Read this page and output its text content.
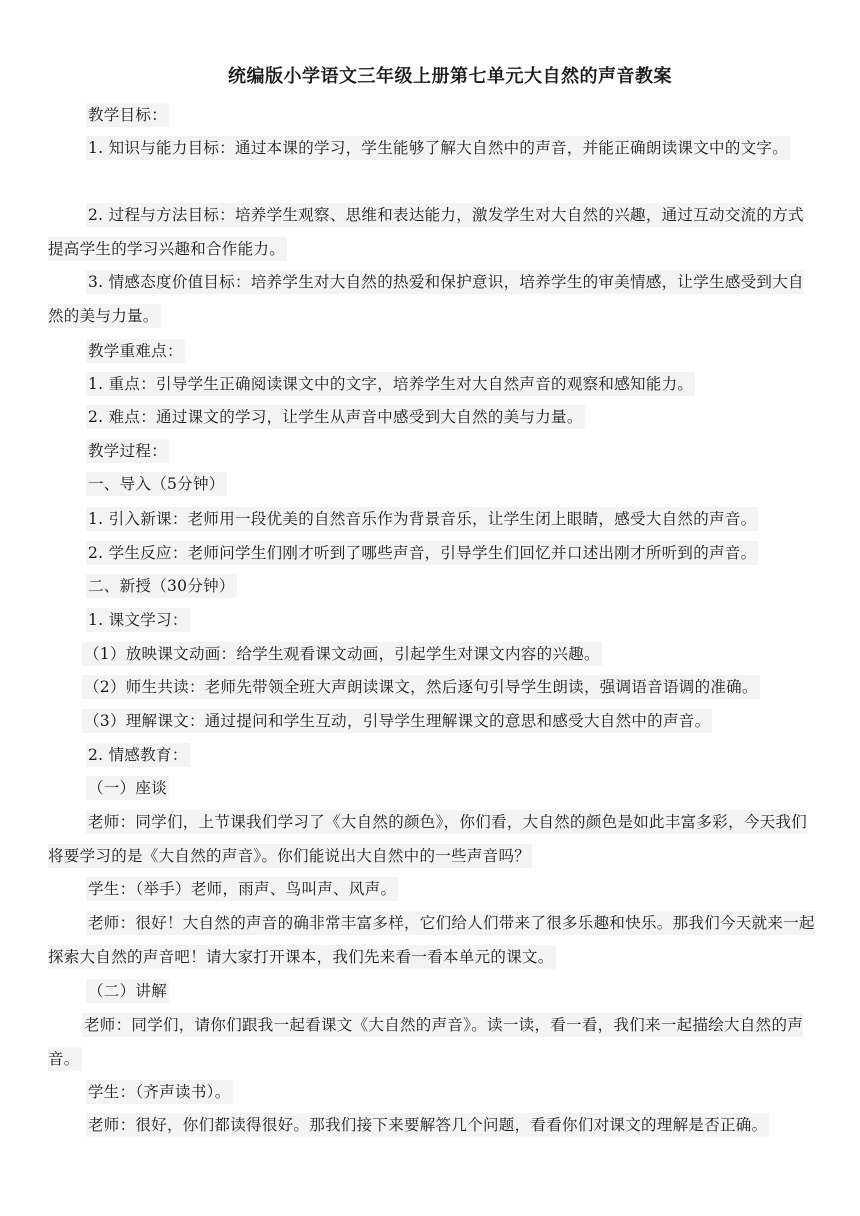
统编版小学语文三年级上册第七单元大自然的声音教案
教学目标：
1. 知识与能力目标：通过本课的学习，学生能够了解大自然中的声音，并能正确朗读课文中的文字。
2. 过程与方法目标：培养学生观察、思维和表达能力，激发学生对大自然的兴趣，通过互动交流的方式提高学生的学习兴趣和合作能力。
3. 情感态度价值目标：培养学生对大自然的热爱和保护意识，培养学生的审美情感，让学生感受到大自然的美与力量。
教学重难点：
1. 重点：引导学生正确阅读课文中的文字，培养学生对大自然声音的观察和感知能力。
2. 难点：通过课文的学习，让学生从声音中感受到大自然的美与力量。
教学过程：
一、导入（5分钟）
1. 引入新课：老师用一段优美的自然音乐作为背景音乐，让学生闭上眼睛，感受大自然的声音。
2. 学生反应：老师问学生们刚才听到了哪些声音，引导学生们回忆并口述出刚才所听到的声音。
二、新授（30分钟）
1. 课文学习：
（1）放映课文动画：给学生观看课文动画，引起学生对课文内容的兴趣。
（2）师生共读：老师先带领全班大声朗读课文，然后逐句引导学生朗读，强调语音语调的准确。
（3）理解课文：通过提问和学生互动，引导学生理解课文的意思和感受大自然中的声音。
2. 情感教育：
（一）座谈
老师：同学们，上节课我们学习了《大自然的颜色》，你们看，大自然的颜色是如此丰富多彩，今天我们将要学习的是《大自然的声音》。你们能说出大自然中的一些声音吗？
学生：（举手）老师，雨声、鸟叫声、风声。
老师：很好！大自然的声音的确非常丰富多样，它们给人们带来了很多乐趣和快乐。那我们今天就来一起探索大自然的声音吧！请大家打开课本，我们先来看一看本单元的课文。
（二）讲解
老师：同学们，请你们跟我一起看课文《大自然的声音》。读一读，看一看，我们来一起描绘大自然的声音。
学生：（齐声读书）。
老师：很好，你们都读得很好。那我们接下来要解答几个问题，看看你们对课文的理解是否正确。
